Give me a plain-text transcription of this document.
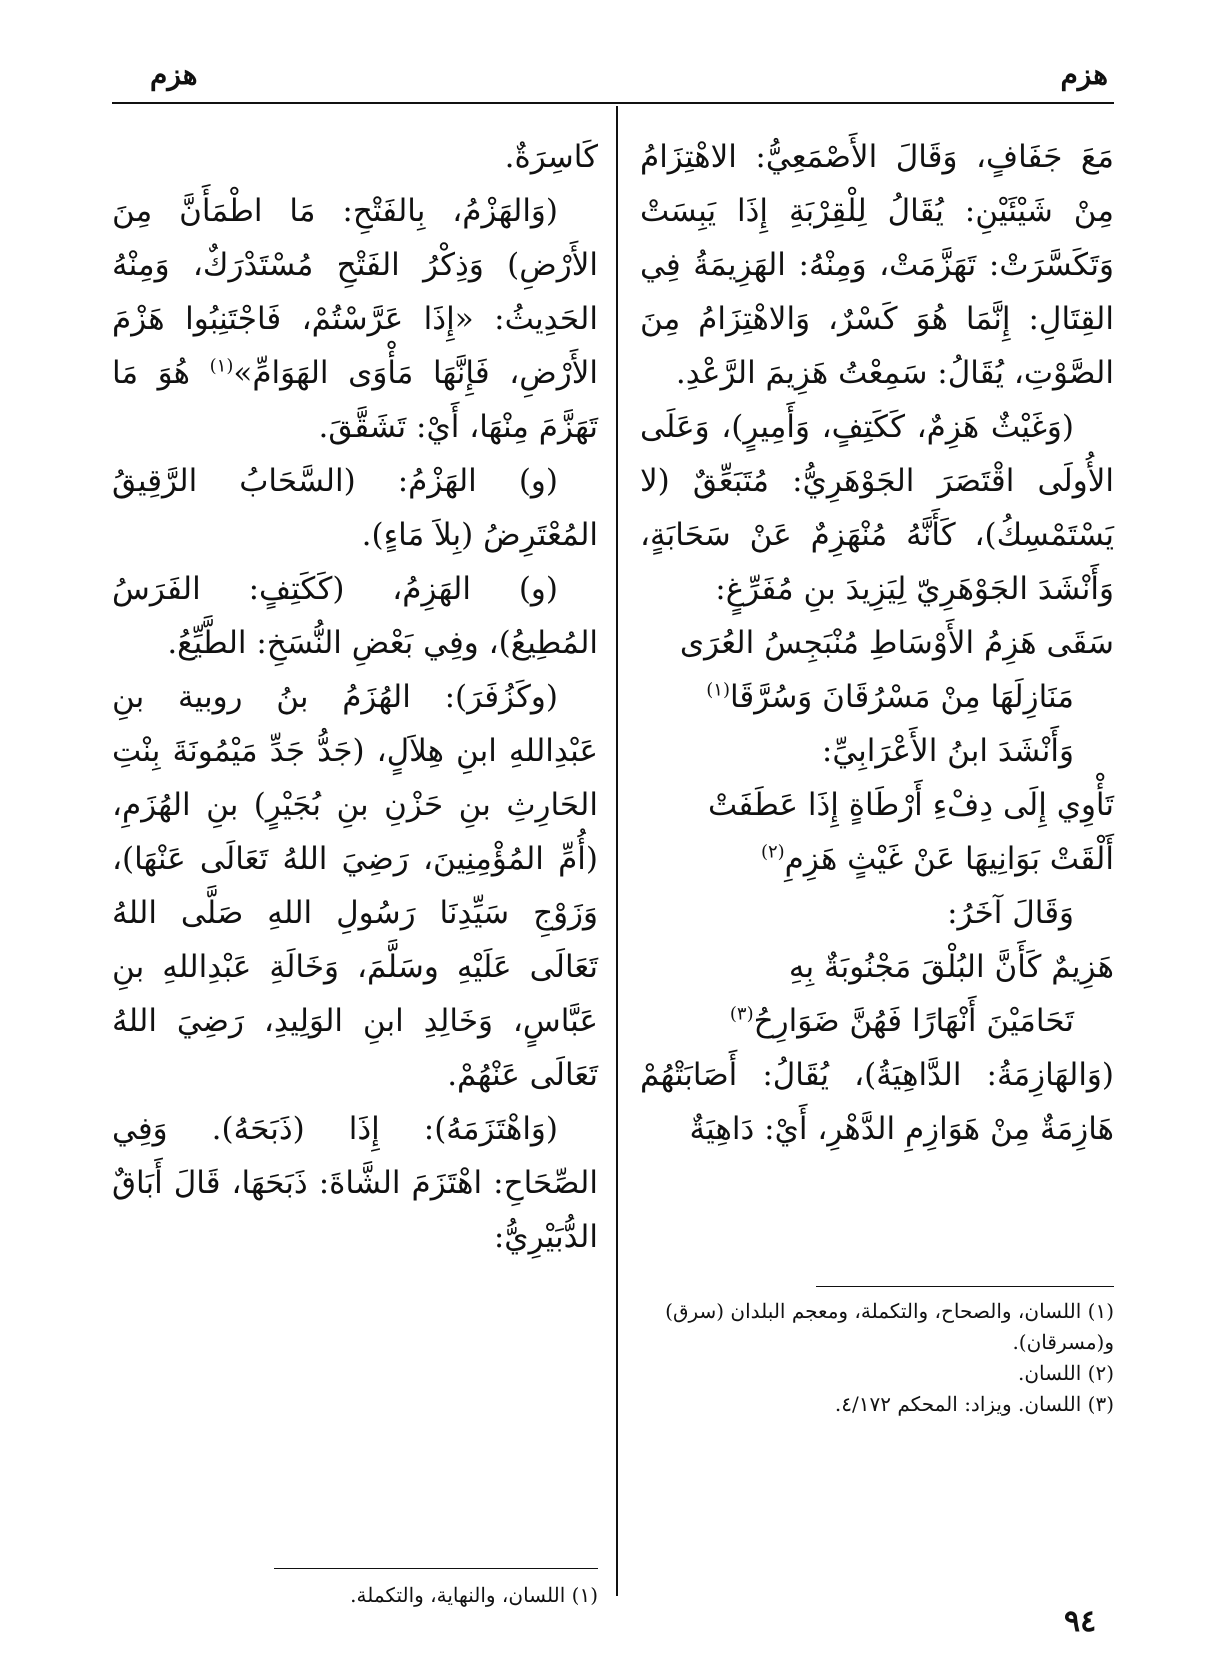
هزم
هزم

مَعَ جَفَافٍ، وَقَالَ الأَصْمَعِيُّ: الاهْتِزَامُ مِنْ شَيْئَيْنِ: يُقَالُ لِلْقِرْبَةِ إِذَا يَبِسَتْ وَتَكَسَّرَتْ: تَهَزَّمَتْ، وَمِنْهُ: الهَزِيمَةُ فِي القِتَالِ: إِنَّمَا هُوَ كَسْرٌ، وَالاهْتِزَامُ مِنَ الصَّوْتِ، يُقَالُ: سَمِعْتُ هَزِيمَ الرَّعْدِ.

(وَغَيْثٌ هَزِمٌ، كَكَتِفٍ، وَأَمِيرٍ)، وَعَلَى الأُولَى اقْتَصَرَ الجَوْهَرِيُّ: مُتَبَعِّقٌ (لا يَسْتَمْسِكُ)، كَأَنَّهُ مُنْهَزِمٌ عَنْ سَحَابَةٍ، وَأَنْشَدَ الجَوْهَرِيّ لِيَزِيدَ بنِ مُفَرِّغٍ:

سَقَى هَزِمُ الأَوْسَاطِ مُنْبَجِسُ العُرَى

مَنَازِلَهَا مِنْ مَسْرُقَانَ وَسُرَّقَا$^{(١)}$

وَأَنْشَدَ ابنُ الأَعْرَابِيِّ:

تَأْوِي إِلَى دِفْءِ أَرْطَاةٍ إِذَا عَطَفَتْ

أَلْقَتْ بَوَانِيهَا عَنْ غَيْثٍ هَزِمِ$^{(٢)}$

وَقَالَ آخَرُ:

هَزِيمٌ كَأَنَّ البُلْقَ مَجْنُوبَةٌ بِهِ

تَحَامَيْنَ أَنْهَارًا فَهُنَّ ضَوَارِحُ$^{(٣)}$

(وَالهَازِمَةُ: الدَّاهِيَةُ)، يُقَالُ: أَصَابَتْهُمْ هَازِمَةٌ مِنْ هَوَازِمِ الدَّهْرِ، أَيْ: دَاهِيَةٌ

(١) اللسان، والصحاح، والتكملة، ومعجم البلدان (سرق) و(مسرقان).
(٢) اللسان.
(٣) اللسان. ويزاد: المحكم ٤/١٧٢.

كَاسِرَةٌ.

(وَالهَزْمُ، بِالفَتْحِ: مَا اطْمَأَنَّ مِنَ الأَرْضِ) وَذِكْرُ الفَتْحِ مُسْتَدْرَكٌ، وَمِنْهُ الحَدِيثُ: «إِذَا عَرَّسْتُمْ، فَاجْتَنِبُوا هَزْمَ الأَرْضِ، فَإِنَّهَا مَأْوَى الهَوَامِّ»$^{(١)}$ هُوَ مَا تَهَزَّمَ مِنْهَا، أَيْ: تَشَقَّقَ.

(و) الهَزْمُ: (السَّحَابُ الرَّقِيقُ المُعْتَرِضُ (بِلاَ مَاءٍ).

(و) الهَزِمُ، (كَكَتِفٍ: الفَرَسُ المُطِيعُ)، وفِي بَعْضِ النُّسَخِ: الطَّيِّعُ.

(وكَزُفَرَ): الهُزَمُ بنُ روبية بنِ عَبْدِاللهِ ابنِ هِلاَلٍ، (جَدُّ جَدِّ مَيْمُونَةَ بِنْتِ الحَارِثِ بنِ حَزْنِ بنِ بُجَيْرٍ) بنِ الهُزَمِ، (أُمِّ المُؤْمِنِينَ، رَضِيَ اللهُ تَعَالَى عَنْهَا)، وَزَوْجِ سَيِّدِنَا رَسُولِ اللهِ صَلَّى اللهُ تَعَالَى عَلَيْهِ وسَلَّمَ، وَخَالَةِ عَبْدِاللهِ بنِ عَبَّاسٍ، وَخَالِدِ ابنِ الوَلِيدِ، رَضِيَ اللهُ تَعَالَى عَنْهُمْ.

(وَاهْتَزَمَهُ): إِذَا (ذَبَحَهُ). وَفِي الصِّحَاحِ: اهْتَزَمَ الشَّاةَ: ذَبَحَهَا، قَالَ أَبَاقٌ الدُّبَيْرِيُّ:

(١) اللسان، والنهاية، والتكملة.
٩٤
